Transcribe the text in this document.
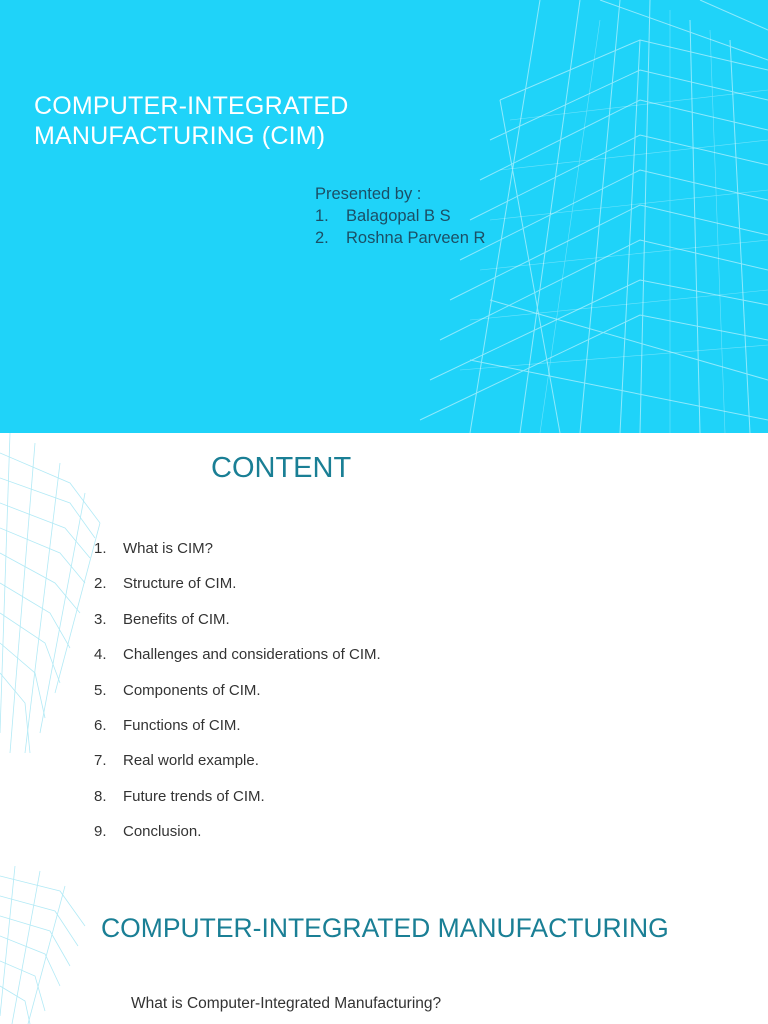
COMPUTER-INTEGRATED
MANUFACTURING (CIM)
Presented by :
1.	Balagopal B S
2.	Roshna Parveen R
CONTENT
1.	What is CIM?
2.	Structure of CIM.
3.	Benefits of CIM.
4.	Challenges and considerations of CIM.
5.	Components of CIM.
6.	Functions of CIM.
7.	Real world example.
8.	Future trends of CIM.
9.	Conclusion.
COMPUTER-INTEGRATED MANUFACTURING
What is Computer-Integrated Manufacturing?
